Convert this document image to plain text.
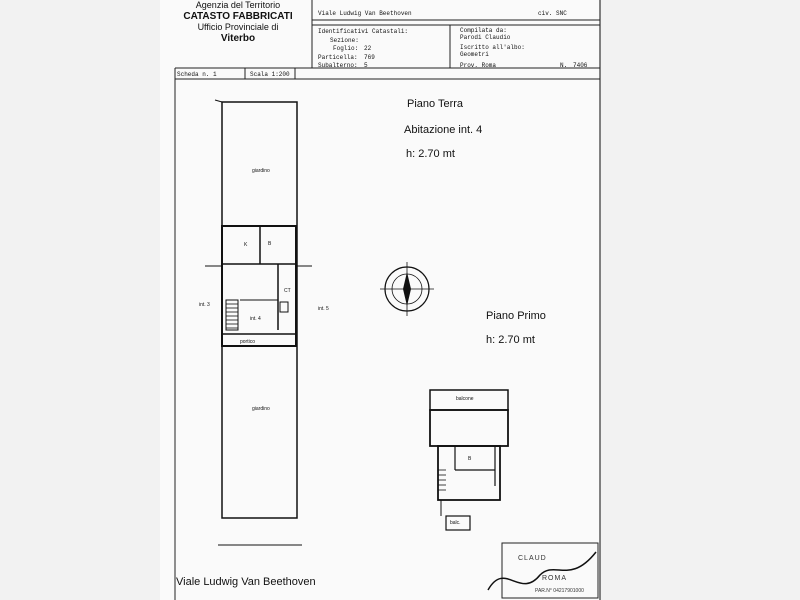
Agenzia del Territorio
CATASTO FABBRICATI
Ufficio Provinciale di
Viterbo
Viale Ludwig Van Beethoven	civ. SNC
Identificativi Catastali:
Sezione:
Foglio: 22
Particella: 769
Subalterno: 5
Compilata da:
Parodi Claudio
Iscritto all'albo:
Geometri
Prov. Roma	N. 7406
Scheda n. 1	Scala 1:200
Piano Terra
Abitazione int. 4
h: 2.70 mt
Piano Primo
h: 2.70 mt
giardino
K	B
CT
int. 3
int. 4
int. 5
portico
giardino
balcone
B
balc.
Viale Ludwig Van Beethoven
CLAUD
ROMA
PAR.N° 04217901000
